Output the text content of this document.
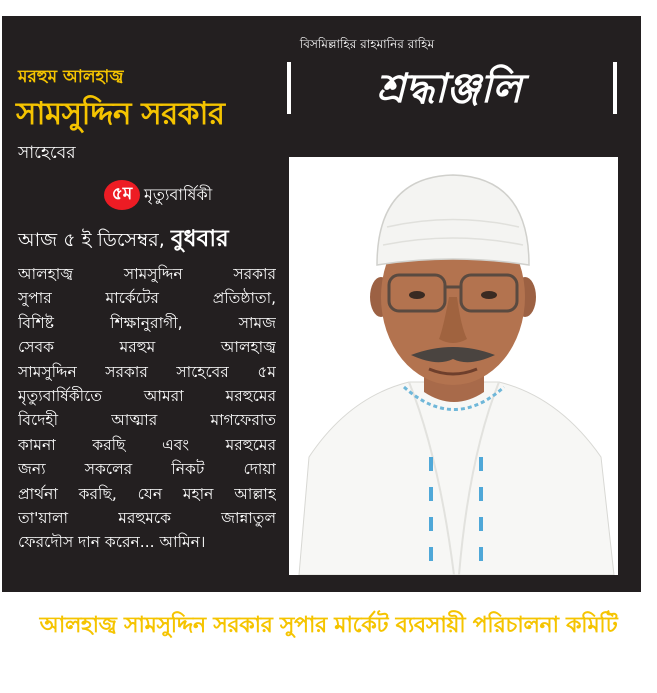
বিসমিল্লাহির রাহমানির রাহিম
মরহুম আলহাজ্ব
সামসুদ্দিন সরকার
সাহেবের
শ্রদ্ধাঞ্জলি
৫ম মৃত্যুবার্ষিকী
আজ ৫ ই ডিসেম্বর, বুধবার
আলহাজ্ব সামসুদ্দিন সরকার
সুপার মার্কেটের প্রতিষ্ঠাতা,
বিশিষ্ট শিক্ষানুরাগী, সামজ
সেবক মরহুম আলহাজ্ব
সামসুদ্দিন সরকার সাহেবের ৫ম
মৃত্যুবার্ষিকীতে আমরা মরহুমের
বিদেহী আত্মার মাগফেরাত
কামনা করছি এবং মরহুমের
জন্য সকলের নিকট দোয়া
প্রার্থনা করছি, যেন মহান আল্লাহ
তা'য়ালা মরহুমকে জান্নাতুল
ফেরদৌস দান করেন... আমিন।
আলহাজ্ব সামসুদ্দিন সরকার সুপার মার্কেট ব্যবসায়ী পরিচালনা কমিটি
ভোগড়া বাইপাস, গাজীপুর।
